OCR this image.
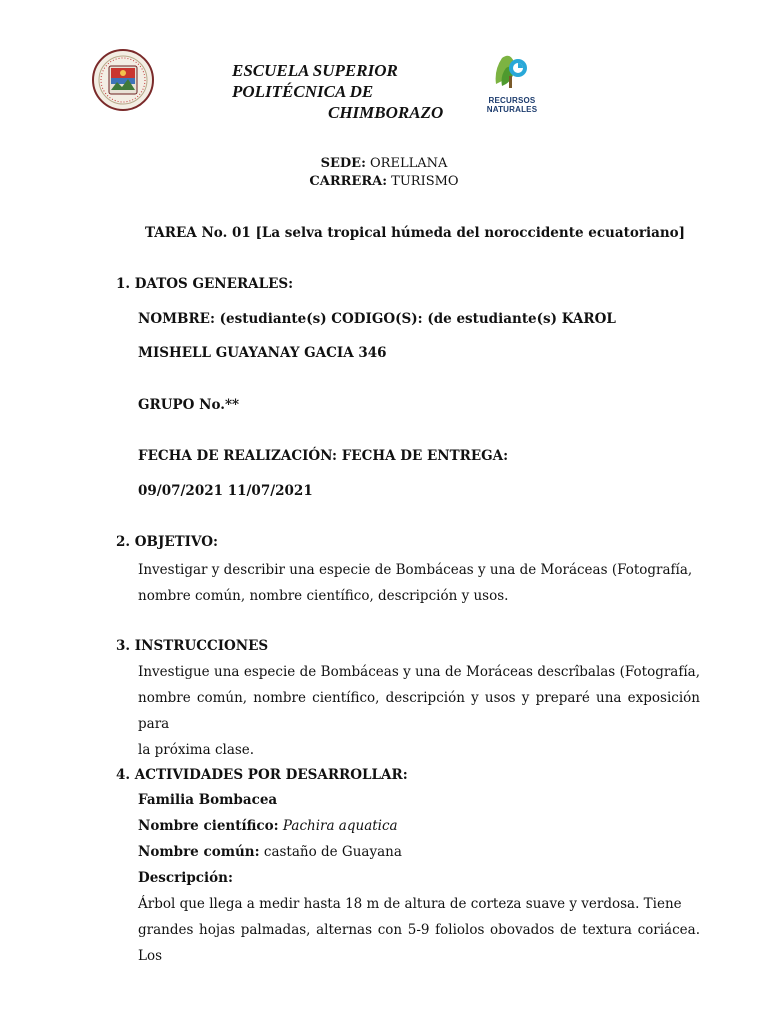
ESCUELA SUPERIOR
POLITÉCNICA DE
CHIMBORAZO
RECURSOS NATURALES
SEDE: ORELLANA
CARRERA: TURISMO
TAREA No. 01 [La selva tropical húmeda del noroccidente ecuatoriano]
1. DATOS GENERALES:
NOMBRE: (estudiante(s) CODIGO(S): (de estudiante(s) KAROL
MISHELL GUAYANAY GACIA 346
GRUPO No.**
FECHA DE REALIZACIÓN: FECHA DE ENTREGA:
09/07/2021 11/07/2021
2. OBJETIVO:
Investigar y describir una especie de Bombáceas y una de Moráceas (Fotografía,
nombre común, nombre científico, descripción y usos.
3. INSTRUCCIONES
Investigue una especie de Bombáceas y una de Moráceas descrîbalas (Fotografía,
nombre común, nombre científico, descripción y usos y preparé una exposición para
la próxima clase.
4. ACTIVIDADES POR DESARROLLAR:
Familia Bombacea
Nombre científico: Pachira aquatica
Nombre común: castaño de Guayana
Descripción:
Árbol que llega a medir hasta 18 m de altura de corteza suave y verdosa. Tiene
grandes hojas palmadas, alternas con 5-9 foliolos obovados de textura coriácea. Los
